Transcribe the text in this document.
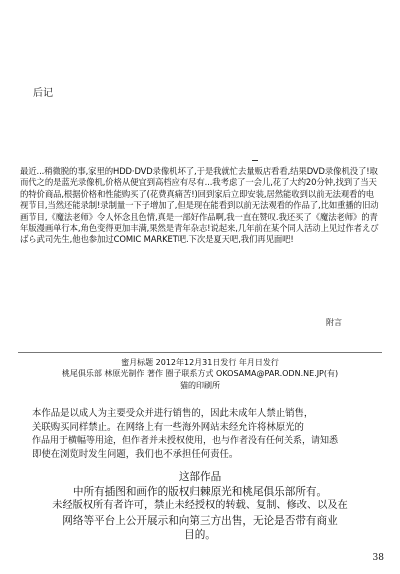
后记
最近...稍微脱的事,家里的HDD·DVD录像机坏了,于是我就忙去量贩店看看,结果DVD录像机没了!取而代之的是蓝光录像机,价格从便宜到高档应有尽有...我考虑了一会儿,花了大约20分钟,找到了当天的特价商品,根据价格和性能购买了(花费真痛苦!)回到家后立即安装,居然能收到以前无法观看的电视节目,当然还能录制!录制量一下子增加了,但是现在能看到以前无法观看的作品了,比如重播的旧动画节目,《魔法老师》令人怀念且色情,真是一部好作品啊,我一直在赞叹.我还买了《魔法老师》的青年版漫画单行本,角色变得更加丰满,果然是青年杂志!说起来,几年前在某个同人活动上见过作者えびばら武司先生,他也参加过COMIC MARKET吧.下次是夏天吧,我们再见面吧!
附言
蜜月标题 2012年12月31日发行 年月日发行
桃尾俱乐部 林原光制作 著作 圈子联系方式 OKOSAMA@PAR.ODN.NE.JP(有)
猫的印刷所
本作品是以成人为主要受众并进行销售的，因此未成年人禁止销售，
关联购买同样禁止。在网络上有一些海外网站未经允许将林原光的
作品用于横幅等用途，但作者并未授权使用，也与作者没有任何关系，请知悉
即使在浏览时发生问题，我们也不承担任何责任。
这部作品
中所有插图和画作的版权归棘原光和桃尾俱乐部所有。
未经版权所有者许可，禁止未经授权的转载、复制、修改、以及在
网络等平台上公开展示和向第三方出售，无论是否带有商业
目的。
38
